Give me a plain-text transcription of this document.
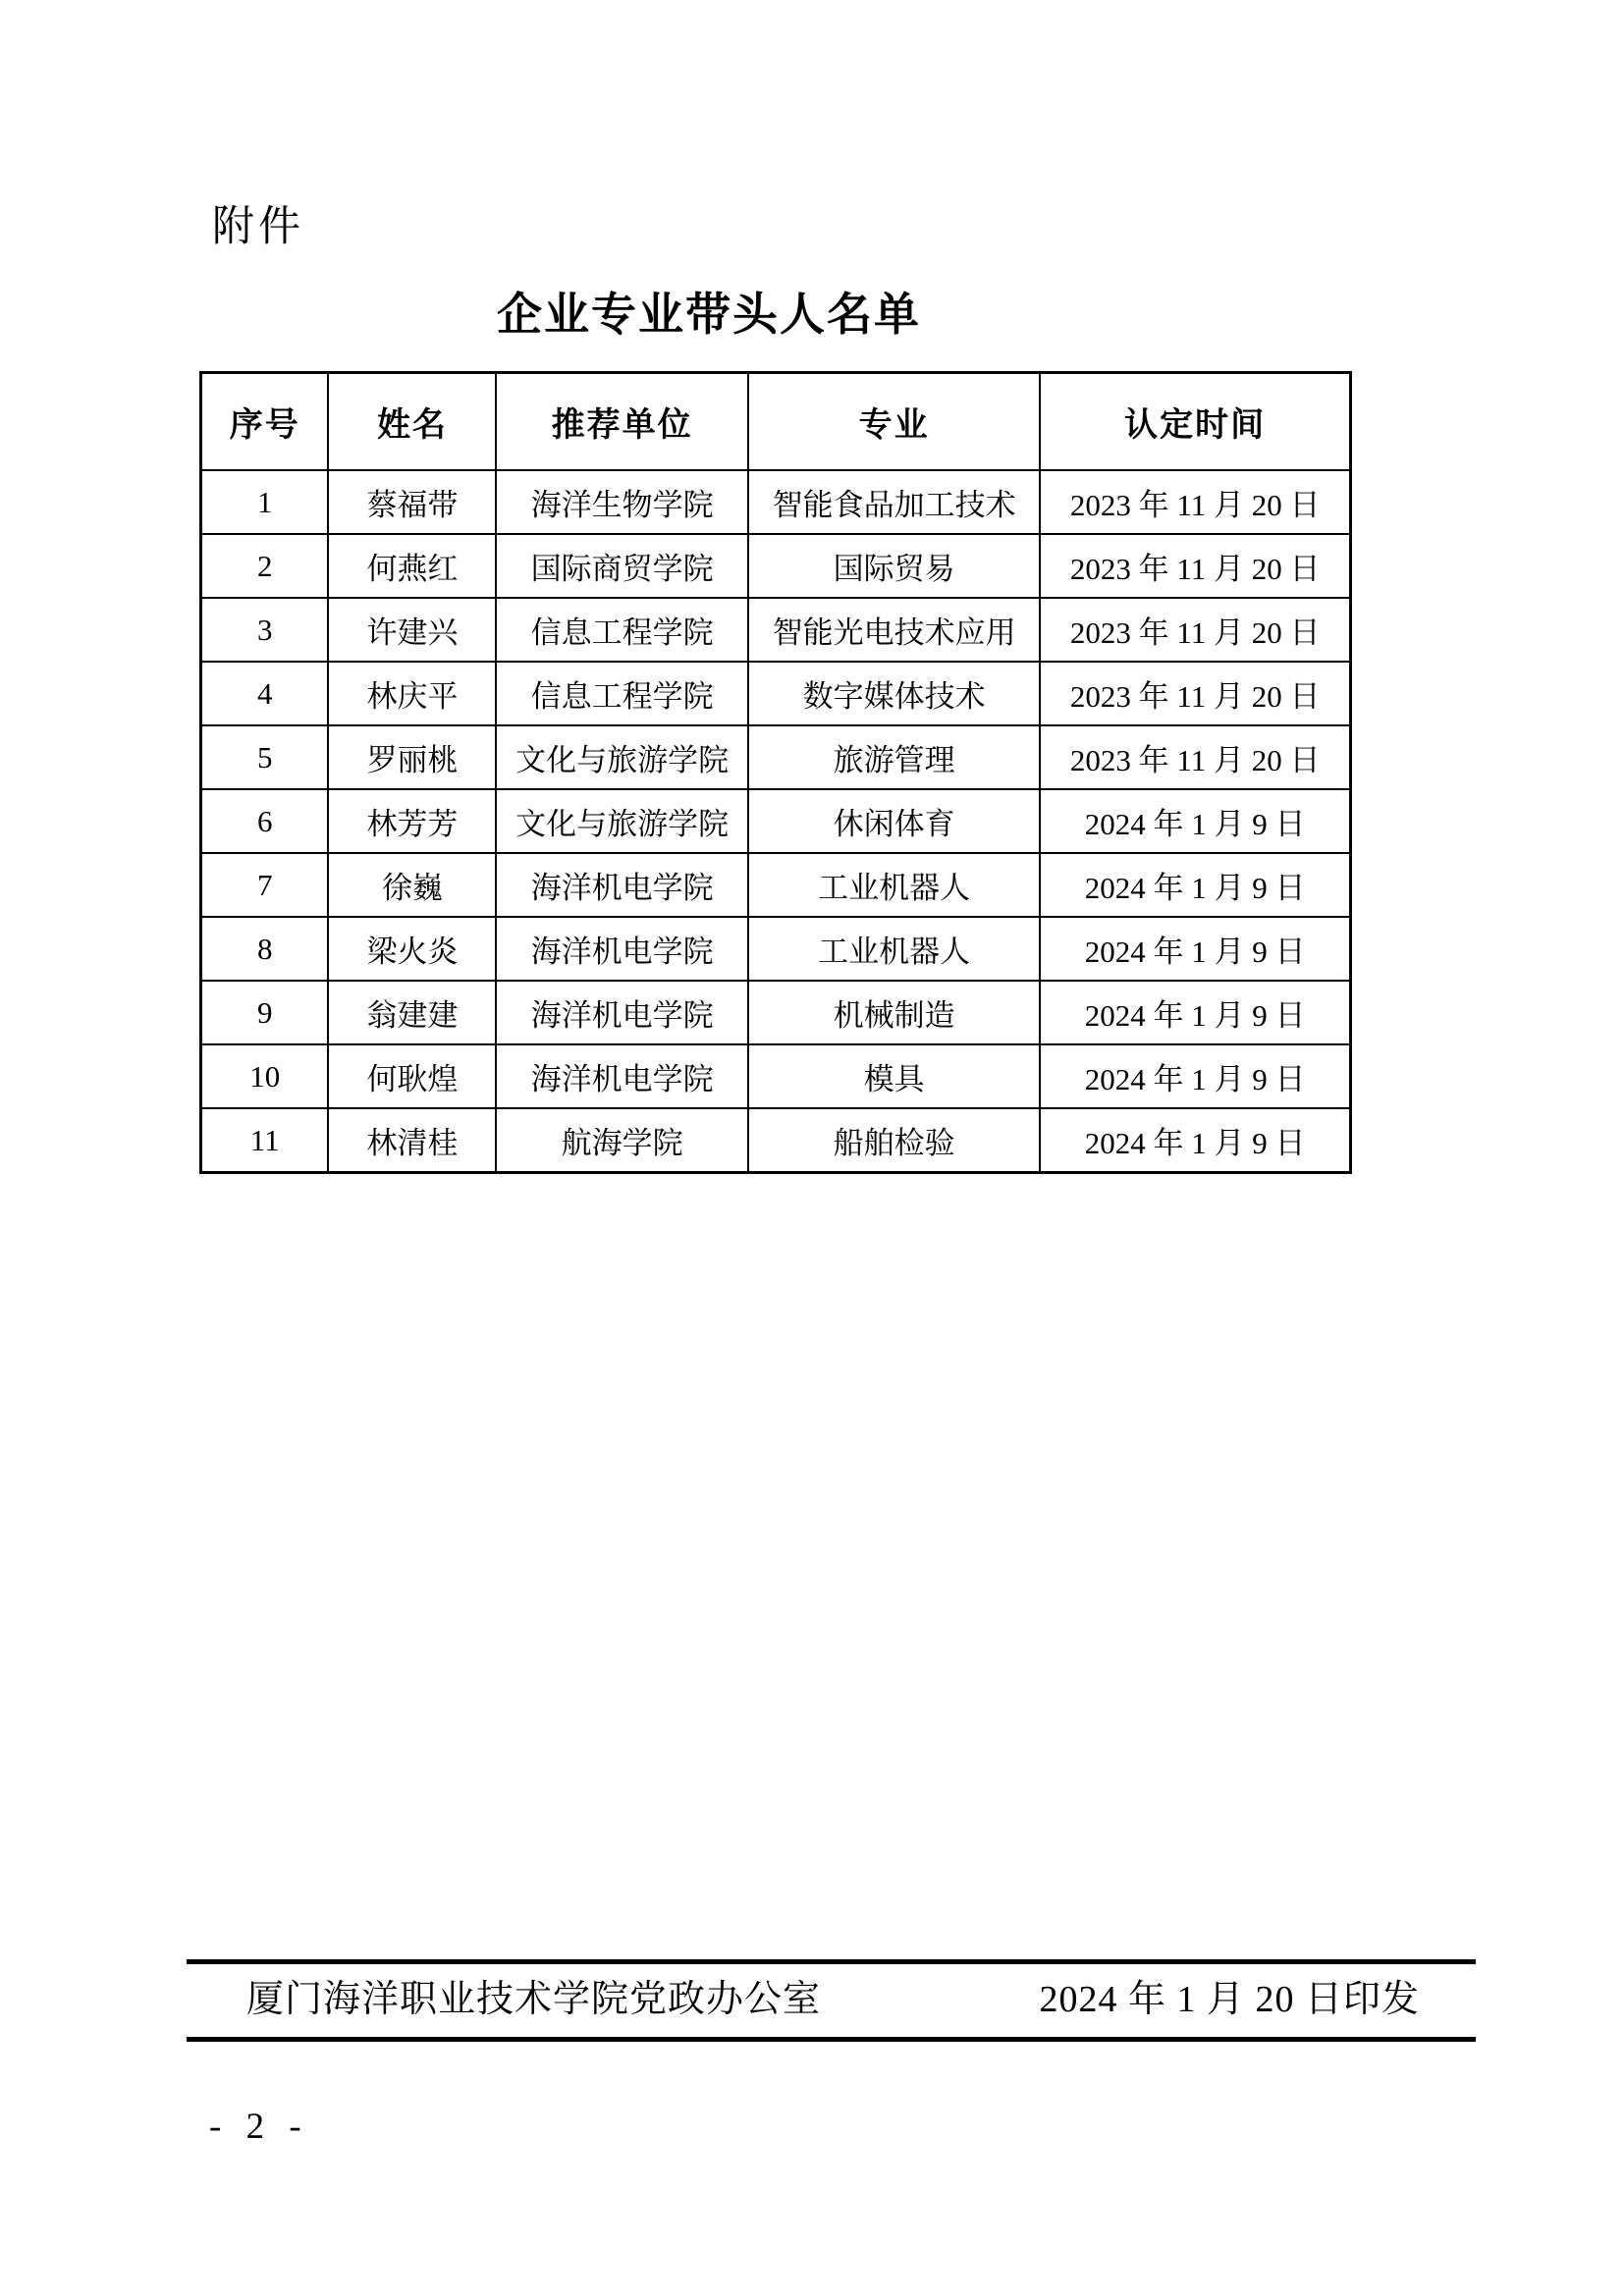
附件
企业专业带头人名单
序号	姓名	推荐单位	专业	认定时间
1	蔡福带	海洋生物学院	智能食品加工技术	2023 年 11 月 20 日
2	何燕红	国际商贸学院	国际贸易	2023 年 11 月 20 日
3	许建兴	信息工程学院	智能光电技术应用	2023 年 11 月 20 日
4	林庆平	信息工程学院	数字媒体技术	2023 年 11 月 20 日
5	罗丽桃	文化与旅游学院	旅游管理	2023 年 11 月 20 日
6	林芳芳	文化与旅游学院	休闲体育	2024 年 1 月 9 日
7	徐巍	海洋机电学院	工业机器人	2024 年 1 月 9 日
8	梁火炎	海洋机电学院	工业机器人	2024 年 1 月 9 日
9	翁建建	海洋机电学院	机械制造	2024 年 1 月 9 日
10	何耿煌	海洋机电学院	模具	2024 年 1 月 9 日
11	林清桂	航海学院	船舶检验	2024 年 1 月 9 日
厦门海洋职业技术学院党政办公室	2024 年 1 月 20 日印发
- 2 -
